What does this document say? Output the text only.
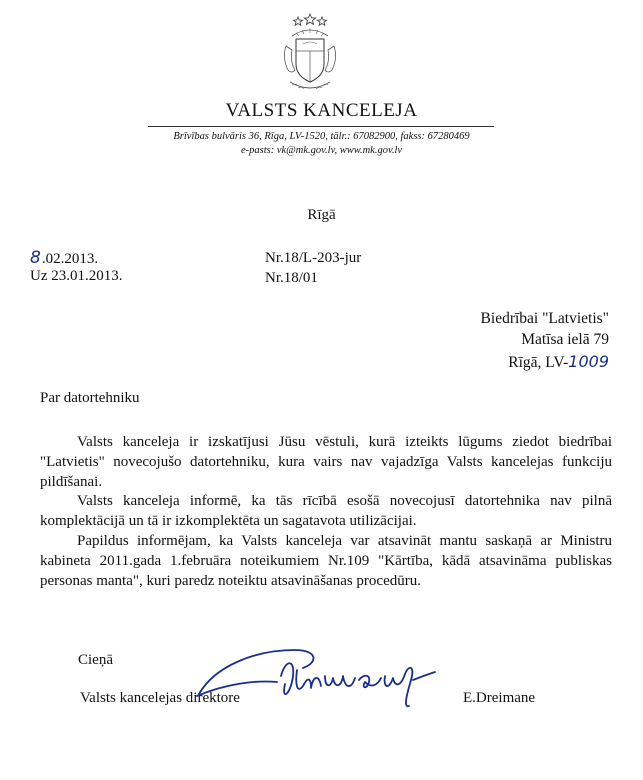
VALSTS KANCELEJA
Brīvības bulvāris 36, Rīga, LV-1520, tālr.: 67082900, fakss: 67280469
e-pasts: vk@mk.gov.lv, www.mk.gov.lv
Rīgā
8.02.2013.
Uz 23.01.2013.
Nr.18/L-203-jur
Nr.18/01
Biedrībai "Latvietis"
Matīsa ielā 79
Rīgā, LV-1009
Par datortehniku
Valsts kanceleja ir izskatījusi Jūsu vēstuli, kurā izteikts lūgums ziedot biedrībai "Latvietis" novecojušo datortehniku, kura vairs nav vajadzīga Valsts kancelejas funkciju pildīšanai.
Valsts kanceleja informē, ka tās rīcībā esošā novecojusī datortehnika nav pilnā komplektācijā un tā ir izkomplektēta un sagatavota utilizācijai.
Papildus informējam, ka Valsts kanceleja var atsavināt mantu saskaņā ar Ministru kabineta 2011.gada 1.februāra noteikumiem Nr.109 "Kārtība, kādā atsavināma publiskas personas manta", kuri paredz noteiktu atsavināšanas procedūru.
Cieņā
Valsts kancelejas direktore	E.Dreimane
